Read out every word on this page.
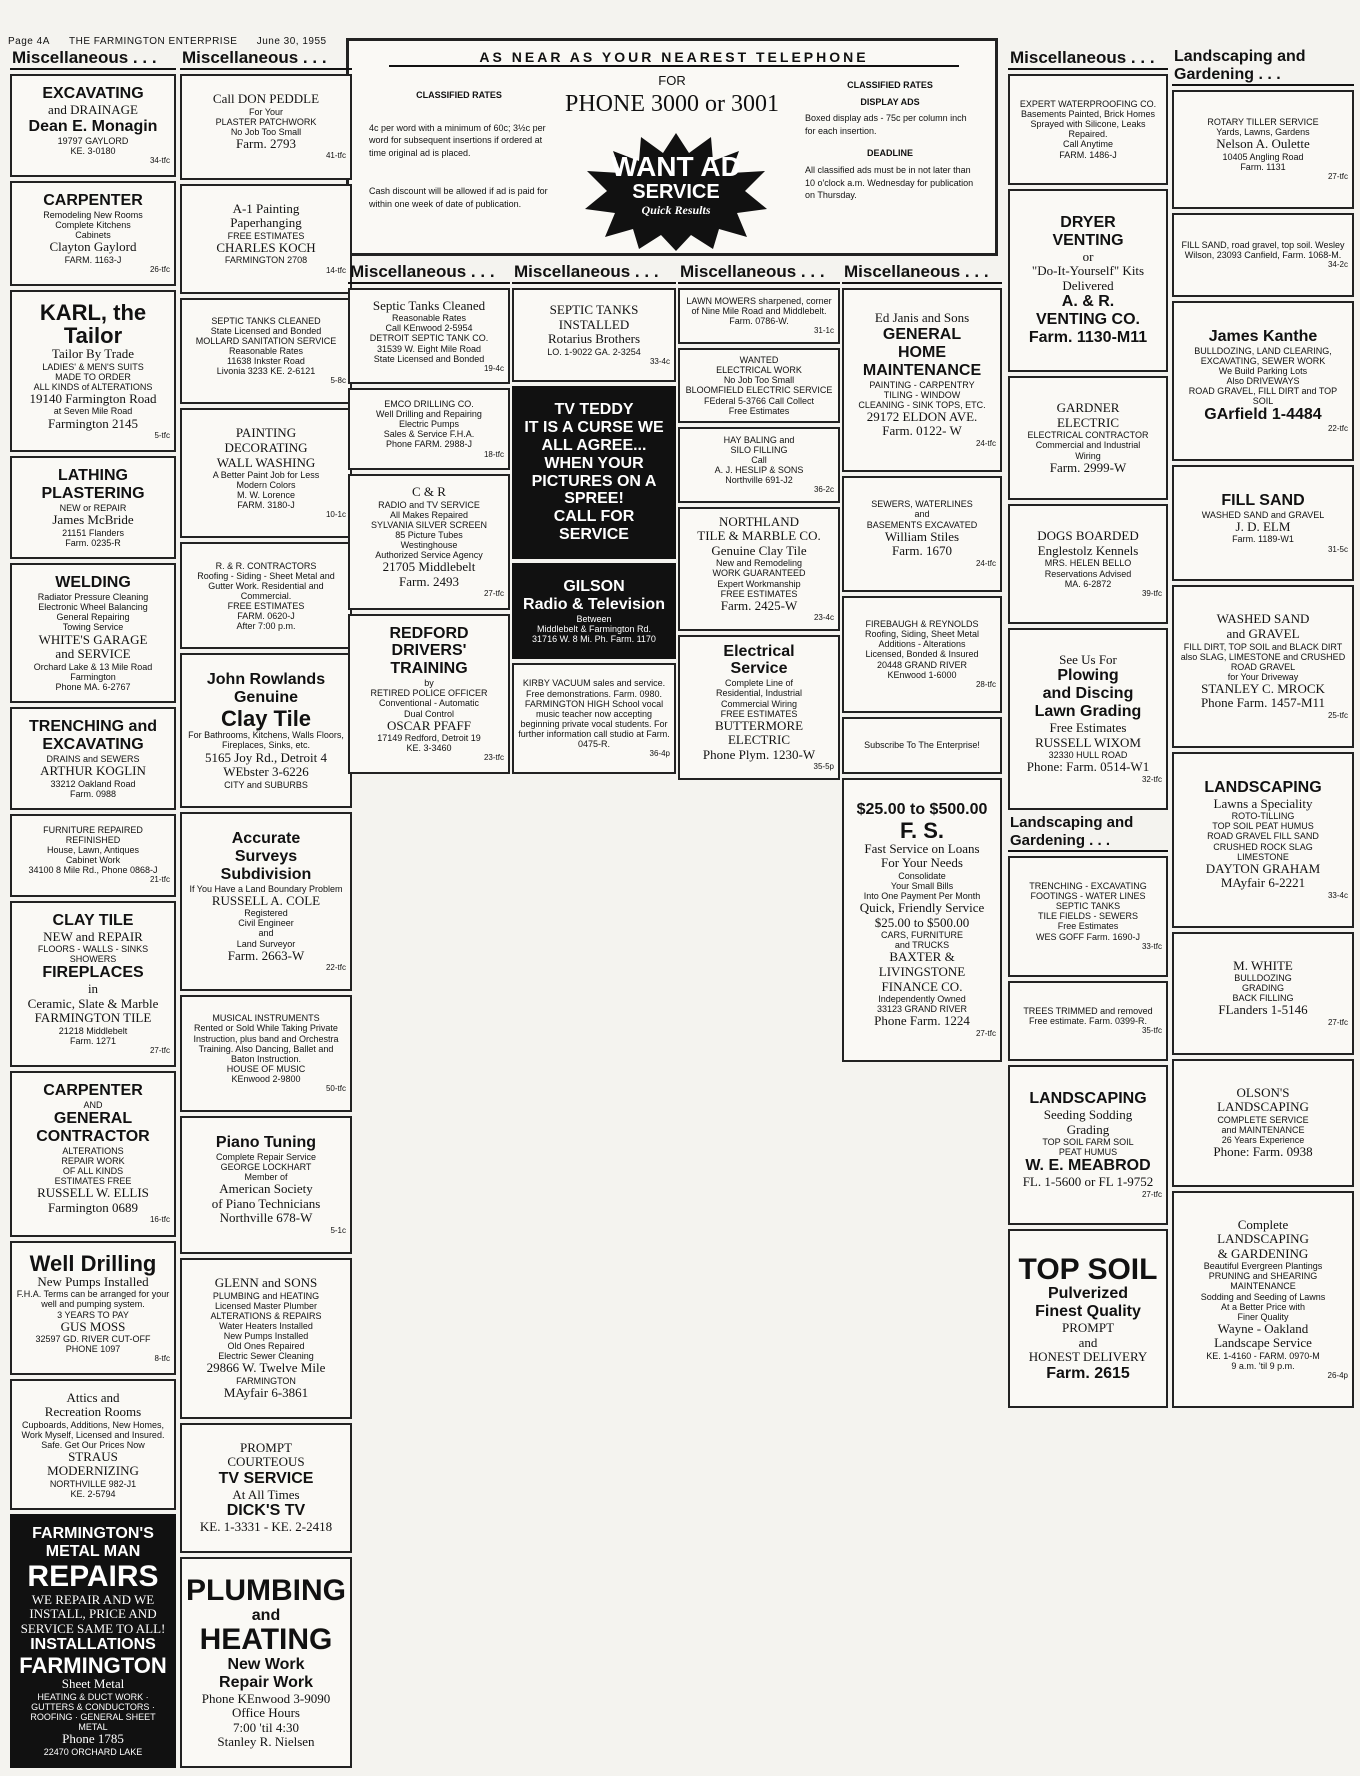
Page 4A THE FARMINGTON ENTERPRISE June 30, 1955
AS NEAR AS YOUR NEAREST TELEPHONE
FOR
PHONE 3000 or 3001
CLASSIFIED RATES
4c per word with a minimum of 60c; 3½c per word for subsequent insertions if ordered at time original ad is placed.
Cash discount will be allowed if ad is paid for within one week of date of publication.
CLASSIFIED RATES
DISPLAY ADS
Boxed display ads - 75c per column inch for each insertion.
DEADLINE
All classified ads must be in not later than 10 o'clock a.m. Wednesday for publication on Thursday.
WANT AD
SERVICE
Quick Results
Miscellaneous . . .
EXCAVATING
and DRAINAGE
Dean E. Monagin
19797 GAYLORD
KE. 3-0180
34-tfc
CARPENTER
Remodeling New Rooms
Complete Kitchens
Cabinets
Clayton Gaylord
FARM. 1163-J
26-tfc
KARL, the Tailor
Tailor By Trade
LADIES' & MEN'S SUITS
MADE TO ORDER
ALL KINDS of ALTERATIONS
19140 Farmington Road
at Seven Mile Road
Farmington 2145
5-tfc
LATHING
PLASTERING
NEW or REPAIR
James McBride
21151 Flanders
Farm. 0235-R
WELDING
Radiator Pressure Cleaning
Electronic Wheel Balancing
General Repairing
Towing Service
WHITE'S GARAGE
and SERVICE
Orchard Lake & 13 Mile Road
Farmington
Phone MA. 6-2767
TRENCHING and
EXCAVATING
DRAINS and SEWERS
ARTHUR KOGLIN
33212 Oakland Road
Farm. 0988
FURNITURE REPAIRED
REFINISHED
House, Lawn, Antiques
Cabinet Work
34100 8 Mile Rd., Phone 0868-J
21-tfc
CLAY TILE
NEW and REPAIR
FLOORS - WALLS - SINKS
SHOWERS
FIREPLACES
in
Ceramic, Slate & Marble
FARMINGTON TILE
21218 Middlebelt
Farm. 1271
27-tfc
CARPENTER
AND
GENERAL
CONTRACTOR
ALTERATIONS
REPAIR WORK
OF ALL KINDS
ESTIMATES FREE
RUSSELL W. ELLIS
Farmington 0689
16-tfc
Well Drilling
New Pumps Installed
F.H.A. Terms can be arranged for your well and pumping system.
3 YEARS TO PAY
GUS MOSS
32597 GD. RIVER CUT-OFF
PHONE 1097
8-tfc
Attics and
Recreation Rooms
Cupboards, Additions, New Homes, Work Myself, Licensed and Insured. Safe. Get Our Prices Now
STRAUS
MODERNIZING
NORTHVILLE 982-J1
KE. 2-5794
FARMINGTON'S
METAL MAN
REPAIRS
WE REPAIR AND WE INSTALL, PRICE AND SERVICE SAME TO ALL!
INSTALLATIONS
FARMINGTON
Sheet Metal
HEATING & DUCT WORK · GUTTERS & CONDUCTORS · ROOFING · GENERAL SHEET METAL
Phone 1785
22470 ORCHARD LAKE
Miscellaneous . . .
Call DON PEDDLE
For Your
PLASTER PATCHWORK
No Job Too Small
Farm. 2793
41-tfc
A-1 Painting
Paperhanging
FREE ESTIMATES
CHARLES KOCH
FARMINGTON 2708
14-tfc
SEPTIC TANKS CLEANED
State Licensed and Bonded
MOLLARD SANITATION SERVICE
Reasonable Rates
11638 Inkster Road
Livonia 3233 KE. 2-6121
5-8c
PAINTING
DECORATING
WALL WASHING
A Better Paint Job for Less
Modern Colors
M. W. Lorence
FARM. 3180-J
10-1c
R. & R. CONTRACTORS
Roofing - Siding - Sheet Metal and Gutter Work. Residential and Commercial.
FREE ESTIMATES
FARM. 0620-J
After 7:00 p.m.
John Rowlands
Genuine
Clay Tile
For Bathrooms, Kitchens, Walls Floors, Fireplaces, Sinks, etc.
5165 Joy Rd., Detroit 4
WEbster 3-6226
CITY and SUBURBS
Accurate
Surveys
Subdivision
If You Have a Land Boundary Problem
RUSSELL A. COLE
Registered
Civil Engineer
and
Land Surveyor
Farm. 2663-W
22-tfc
MUSICAL INSTRUMENTS
Rented or Sold While Taking Private Instruction, plus band and Orchestra Training. Also Dancing, Ballet and Baton Instruction.
HOUSE OF MUSIC
KEnwood 2-9800
50-tfc
Piano Tuning
Complete Repair Service
GEORGE LOCKHART
Member of
American Society
of Piano Technicians
Northville 678-W
5-1c
GLENN and SONS
PLUMBING and HEATING
Licensed Master Plumber
ALTERATIONS & REPAIRS
Water Heaters Installed
New Pumps Installed
Old Ones Repaired
Electric Sewer Cleaning
29866 W. Twelve Mile
FARMINGTON
MAyfair 6-3861
PROMPT
COURTEOUS
TV SERVICE
At All Times
DICK'S TV
KE. 1-3331 - KE. 2-2418
PLUMBING
and
HEATING
New Work
Repair Work
Phone KEnwood 3-9090
Office Hours
7:00 'til 4:30
Stanley R. Nielsen
Miscellaneous . . .
Septic Tanks Cleaned
Reasonable Rates
Call KEnwood 2-5954
DETROIT SEPTIC TANK CO.
31539 W. Eight Mile Road
State Licensed and Bonded
19-4c
EMCO DRILLING CO.
Well Drilling and Repairing
Electric Pumps
Sales & Service F.H.A.
Phone FARM. 2988-J
18-tfc
C & R
RADIO and TV SERVICE
All Makes Repaired
SYLVANIA SILVER SCREEN
85 Picture Tubes
Westinghouse
Authorized Service Agency
21705 Middlebelt
Farm. 2493
27-tfc
REDFORD
DRIVERS'
TRAINING
by
RETIRED POLICE OFFICER
Conventional - Automatic
Dual Control
OSCAR PFAFF
17149 Redford, Detroit 19
KE. 3-3460
23-tfc
Miscellaneous . . .
SEPTIC TANKS
INSTALLED
Rotarius Brothers
LO. 1-9022 GA. 2-3254
33-4c
TV TEDDY
IT IS A CURSE WE ALL AGREE... WHEN YOUR PICTURES ON A SPREE!
CALL FOR SERVICE
GILSON
Radio & Television
Between
Middlebelt & Farmington Rd.
31716 W. 8 Mi. Ph. Farm. 1170
KIRBY VACUUM sales and service. Free demonstrations. Farm. 0980.
FARMINGTON HIGH School vocal music teacher now accepting beginning private vocal students. For further information call studio at Farm. 0475-R.
36-4p
Miscellaneous . . .
LAWN MOWERS sharpened, corner of Nine Mile Road and Middlebelt. Farm. 0786-W.
31-1c
WANTED
ELECTRICAL WORK
No Job Too Small
BLOOMFIELD ELECTRIC SERVICE
FEderal 5-3766 Call Collect
Free Estimates
HAY BALING and
SILO FILLING
Call
A. J. HESLIP & SONS
Northville 691-J2
36-2c
NORTHLAND
TILE & MARBLE CO.
Genuine Clay Tile
New and Remodeling
WORK GUARANTEED
Expert Workmanship
FREE ESTIMATES
Farm. 2425-W
23-4c
Electrical
Service
Complete Line of
Residential, Industrial
Commercial Wiring
FREE ESTIMATES
BUTTERMORE
ELECTRIC
Phone Plym. 1230-W
35-5p
Miscellaneous . . .
Ed Janis and Sons
GENERAL
HOME
MAINTENANCE
PAINTING - CARPENTRY
TILING - WINDOW
CLEANING - SINK TOPS, ETC.
29172 ELDON AVE.
Farm. 0122- W
24-tfc
SEWERS, WATERLINES
and
BASEMENTS EXCAVATED
William Stiles
Farm. 1670
24-tfc
FIREBAUGH & REYNOLDS
Roofing, Siding, Sheet Metal
Additions - Alterations
Licensed, Bonded & Insured
20448 GRAND RIVER
KEnwood 1-6000
28-tfc
Subscribe To The Enterprise!
$25.00 to $500.00
F. S.
Fast Service on Loans
For Your Needs
Consolidate
Your Small Bills
Into One Payment Per Month
Quick, Friendly Service
$25.00 to $500.00
CARS, FURNITURE
and TRUCKS
BAXTER &
LIVINGSTONE
FINANCE CO.
Independently Owned
33123 GRAND RIVER
Phone Farm. 1224
27-tfc
Miscellaneous . . .
EXPERT WATERPROOFING CO.
Basements Painted, Brick Homes Sprayed with Silicone, Leaks Repaired.
Call Anytime
FARM. 1486-J
DRYER
VENTING
or
"Do-It-Yourself" Kits
Delivered
A. & R.
VENTING CO.
Farm. 1130-M11
GARDNER
ELECTRIC
ELECTRICAL CONTRACTOR
Commercial and Industrial
Wiring
Farm. 2999-W
DOGS BOARDED
Englestolz Kennels
MRS. HELEN BELLO
Reservations Advised
MA. 6-2872
39-tfc
See Us For
Plowing
and Discing
Lawn Grading
Free Estimates
RUSSELL WIXOM
32330 HULL ROAD
Phone: Farm. 0514-W1
32-tfc
Landscaping and Gardening . . .
TRENCHING - EXCAVATING
FOOTINGS - WATER LINES
SEPTIC TANKS
TILE FIELDS - SEWERS
Free Estimates
WES GOFF Farm. 1690-J
33-tfc
TREES TRIMMED and removed Free estimate. Farm. 0399-R.
35-tfc
LANDSCAPING
Seeding Sodding
Grading
TOP SOIL FARM SOIL
PEAT HUMUS
W. E. MEABROD
FL. 1-5600 or FL 1-9752
27-tfc
TOP SOIL
Pulverized
Finest Quality
PROMPT
and
HONEST DELIVERY
Farm. 2615
Landscaping and Gardening . . .
ROTARY TILLER SERVICE
Yards, Lawns, Gardens
Nelson A. Oulette
10405 Angling Road
Farm. 1131
27-tfc
FILL SAND, road gravel, top soil. Wesley Wilson, 23093 Canfield, Farm. 1068-M.
34-2c
James Kanthe
BULLDOZING, LAND CLEARING, EXCAVATING, SEWER WORK
We Build Parking Lots
Also DRIVEWAYS
ROAD GRAVEL, FILL DIRT and TOP SOIL
GArfield 1-4484
22-tfc
FILL SAND
WASHED SAND and GRAVEL
J. D. ELM
Farm. 1189-W1
31-5c
WASHED SAND
and GRAVEL
FILL DIRT, TOP SOIL and BLACK DIRT
also SLAG, LIMESTONE and CRUSHED ROAD GRAVEL
for Your Driveway
STANLEY C. MROCK
Phone Farm. 1457-M11
25-tfc
LANDSCAPING
Lawns a Speciality
ROTO-TILLING
TOP SOIL PEAT HUMUS
ROAD GRAVEL FILL SAND
CRUSHED ROCK SLAG
LIMESTONE
DAYTON GRAHAM
MAyfair 6-2221
33-4c
M. WHITE
BULLDOZING
GRADING
BACK FILLING
FLanders 1-5146
27-tfc
OLSON'S
LANDSCAPING
COMPLETE SERVICE
and MAINTENANCE
26 Years Experience
Phone: Farm. 0938
Complete
LANDSCAPING
& GARDENING
Beautiful Evergreen Plantings
PRUNING and SHEARING
MAINTENANCE
Sodding and Seeding of Lawns
At a Better Price with
Finer Quality
Wayne - Oakland
Landscape Service
KE. 1-4160 - FARM. 0970-M
9 a.m. 'til 9 p.m.
26-4p
